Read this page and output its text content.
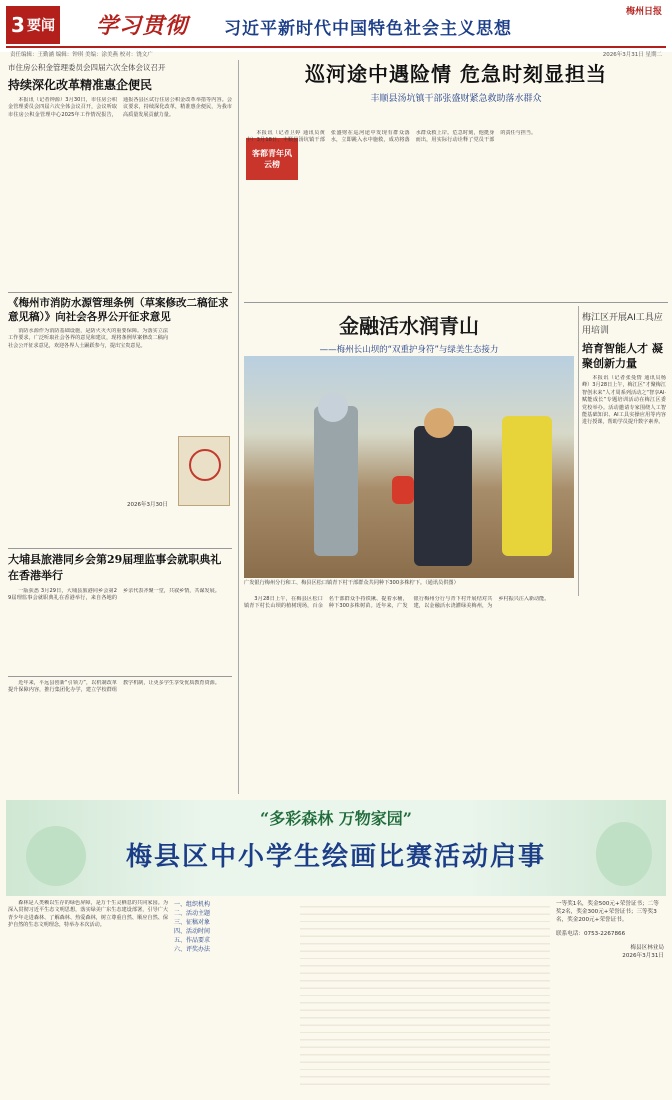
3 要闻 学习贯彻 习近平新时代中国特色社会主义思想
梅州日报
责任编辑：王勤涵 编辑：钟琪 美编：涂美燕 校对：饶文广	2026年3月31日 星期二
市住房公积金管理委员会四届六次全体会议召开
持续深化改革精准惠企便民

本报讯（记者钟源）3月30日，市住房公积金管理委员会四届六次全体会议召开，会议听取市住房公积金管理中心2025年工作情况报告，通报各县区试行住房公积金改革举措等内容。会议要求，持续深化改革，精准惠企便民，为我市高质量发展贡献力量。

《梅州市消防水源管理条例（草案修改二稿征求意见稿）》向社会各界公开征求意见

消防水源作为消防基础设施，是防火灭火的重要保障。为落实立法工作要求，广泛听取社会各界的意见和建议，现将条例草案修改二稿向社会公开征求意见，欢迎各界人士踊跃参与，提出宝贵意见。

2026年3月30日
大埔县旅港同乡会第29届理监事会就职典礼在香港举行

一版获悉 3月29日，大埔县旅港同乡会第29届理监事会就职典礼在香港举行，来自各地的乡亲代表齐聚一堂，共叙乡情，共谋发展。

近年来，平远县创新“引领力”，以机制改革提升保障内容，推行集团化办学，建立学校群组教学机制，让更多学生享受优质教育资源。

巡河途中遇险情 危急时刻显担当
丰顺县汤坑镇干部张盛财紧急救助落水群众
客都青年风云榜

本报讯（记者卫婷 通讯员黄丰）3月18日，丰顺县汤坑镇干部张盛财在巡河途中发现有群众落水，立即跳入水中施救，成功将落水群众救上岸。危急时刻，他挺身而出，用实际行动诠释了党员干部的责任与担当。

金融活水润青山
——梅州长山坝的“双重护身符”与绿美生态接力
广发银行梅州分行和工、梅县区松口镇青下村干部群众共同种下300多株柠下。（通讯员供图）

3月28日上午，在梅县区松口镇青下村长山坝的植树现场，百余名干部群众手持铁锹、提着水桶，种下300多株树苗。近年来，广发银行梅州分行与青下村开展结对共建，以金融活水浇灌绿美梅州，为乡村振兴注入新动能。

梅江区开展AI工具应用培训
培育智能人才 凝聚创新力量

本报讯（记者张曼情 通讯员杨峰）3月28日上午，梅江区“才聚梅江 智创未来”人才周系列活动之“智享AI·赋能成长”专题培训活动在梅江区委党校举办。活动邀请专家围绕人工智能基础知识、AI工具实操应用等内容进行授课，帮助学员提升数字素养。

“多彩森林 万物家园”
梅县区中小学生绘画比赛活动启事

森林是人类赖以生存的绿色屏障，是万千生灵栖息的共同家园。为深入贯彻习近平生态文明思想，落实绿美广东生态建设部署，引导广大青少年走进森林、了解森林、热爱森林，树立尊重自然、顺应自然、保护自然的生态文明理念，特举办本次活动。

一、组织机构
二、活动主题
三、征稿对象
四、活动时间
五、作品要求
六、评奖办法
一等奖1名，奖金500元+荣誉证书；二等奖2名，奖金300元+荣誉证书；三等奖3名，奖金200元+荣誉证书。
联系电话：0753-2267866
梅县区林业局
2026年3月31日
